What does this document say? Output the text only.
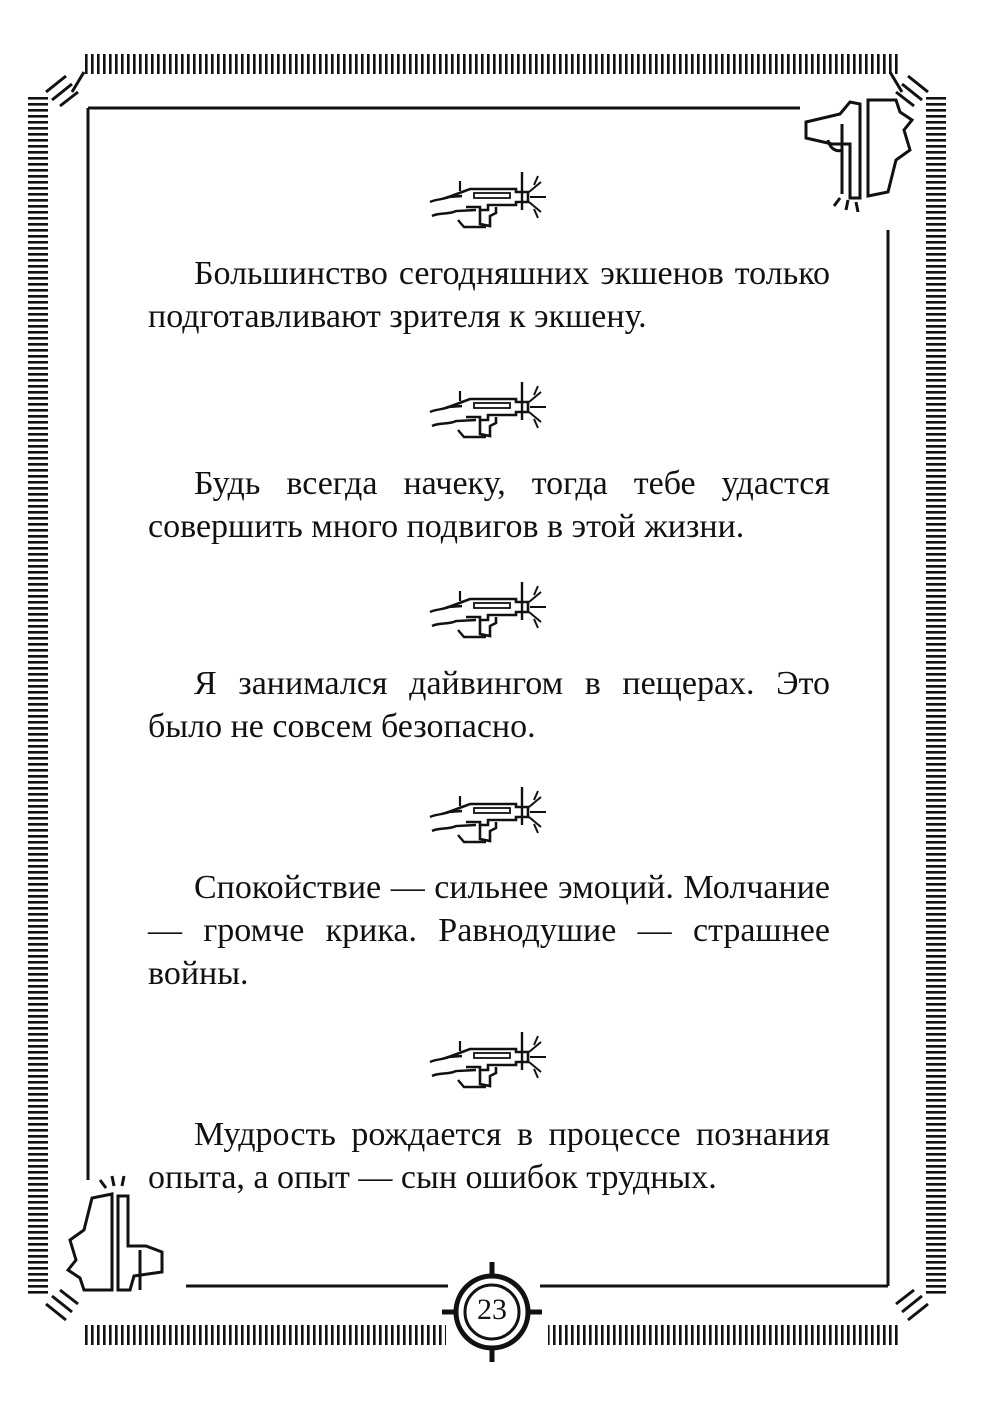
Большинство сегодняшних экшенов только подготавливают зрителя к экшену.

Будь всегда начеку, тогда тебе удастся совершить много подвигов в этой жизни.

Я занимался дайвингом в пещерах. Это было не совсем безопасно.

Спокойствие — сильнее эмоций. Молчание — громче крика. Равнодушие — страшнее войны.

Мудрость рождается в процессе познания опыта, а опыт — сын ошибок трудных.

23
